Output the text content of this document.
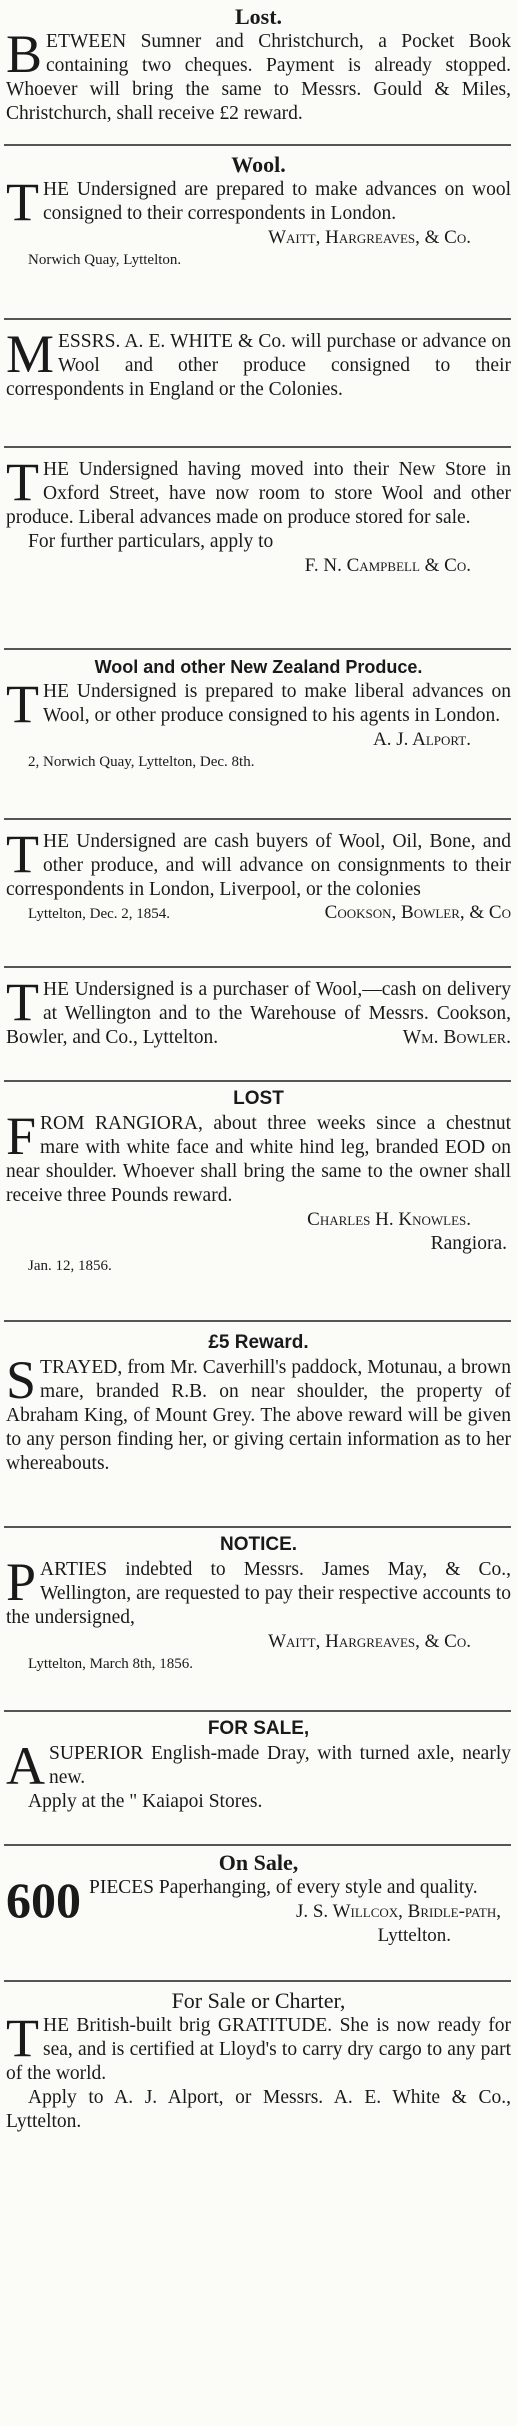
Lost.
BETWEEN Sumner and Christchurch, a Pocket Book containing two cheques. Payment is already stopped. Whoever will bring the same to Messrs. Gould & Miles, Christchurch, shall receive £2 reward.
Wool.
THE Undersigned are prepared to make advances on wool consigned to their correspondents in London.
Waitt, Hargreaves, & Co.
Norwich Quay, Lyttelton.
MESSRS. A. E. WHITE & Co. will purchase or advance on Wool and other produce consigned to their correspondents in England or the Colonies.
THE Undersigned having moved into their New Store in Oxford Street, have now room to store Wool and other produce. Liberal advances made on produce stored for sale.
For further particulars, apply to
F. N. Campbell & Co.
Wool and other New Zealand Produce.
THE Undersigned is prepared to make liberal advances on Wool, or other produce consigned to his agents in London.
A. J. Alport.
2, Norwich Quay, Lyttelton, Dec. 8th.
THE Undersigned are cash buyers of Wool, Oil, Bone, and other produce, and will advance on consignments to their correspondents in London, Liverpool, or the colonies
Lyttelton, Dec. 2, 1854.	Cookson, Bowler, & Co
THE Undersigned is a purchaser of Wool,—cash on delivery at Wellington and to the Warehouse of Messrs. Cookson, Bowler, and Co., Lyttelton.	Wm. Bowler.
LOST
FROM RANGIORA, about three weeks since a chestnut mare with white face and white hind leg, branded EOD on near shoulder. Whoever shall bring the same to the owner shall receive three Pounds reward.
Charles H. Knowles.
Rangiora.
Jan. 12, 1856.
£5 Reward.
STRAYED, from Mr. Caverhill's paddock, Motunau, a brown mare, branded R.B. on near shoulder, the property of Abraham King, of Mount Grey. The above reward will be given to any person finding her, or giving certain information as to her whereabouts.
NOTICE.
PARTIES indebted to Messrs. James May, & Co., Wellington, are requested to pay their respective accounts to the undersigned,
Waitt, Hargreaves, & Co.
Lyttelton, March 8th, 1856.
FOR SALE,
ASUPERIOR English-made Dray, with turned axle, nearly new.
Apply at the " Kaiapoi Stores.
On Sale,
600 PIECES Paperhanging, of every style and quality.
J. S. Willcox, Bridle-path,
Lyttelton.
For Sale or Charter,
THE British-built brig GRATITUDE. She is now ready for sea, and is certified at Lloyd's to carry dry cargo to any part of the world.
Apply to A. J. Alport, or Messrs. A. E. White & Co., Lyttelton.
